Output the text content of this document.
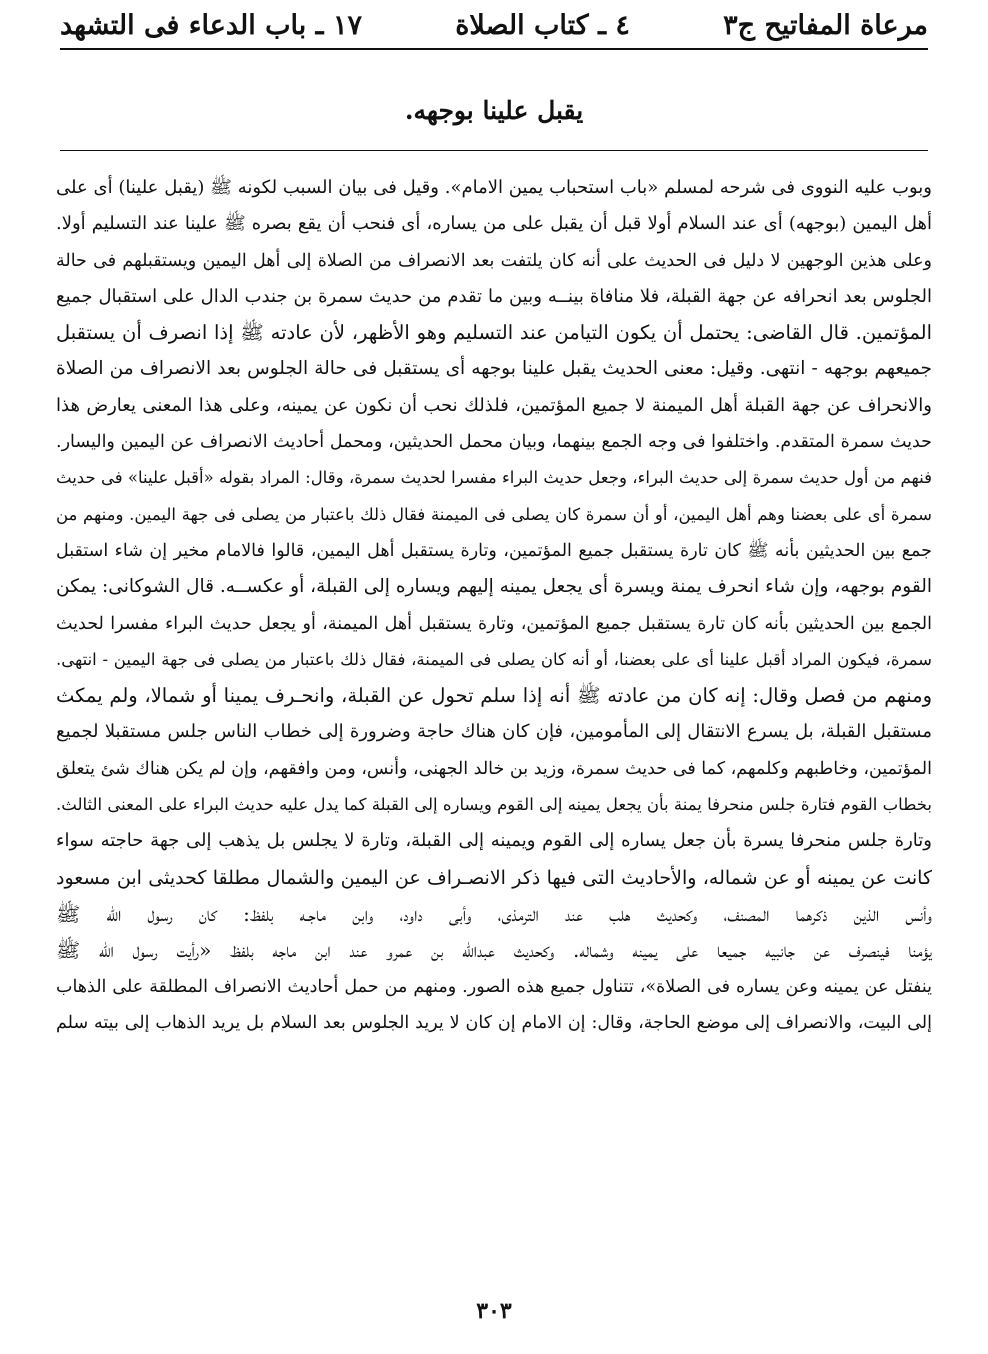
مرعاة المفاتيح ج٣
٤ ـ كتاب الصلاة
١٧ ـ باب الدعاء فى التشهد
يقبل علينا بوجهه.
وبوب عليه النووى فى شرحه لمسلم «باب استحباب يمين الامام». وقيل فى بيان السبب لكونه ﷺ (يقبل علينا) أى على
أهل اليمين (بوجهه) أى عند السلام أولا قبل أن يقبل على من يساره، أى فنحب أن يقع بصره ﷺ علينا عند التسليم أولا.
وعلى هذين الوجهين لا دليل فى الحديث على أنه كان يلتفت بعد الانصراف من الصلاة إلى أهل اليمين ويستقبلهم فى حالة
الجلوس بعد انحرافه عن جهة القبلة، فلا منافاة بينــه وبين ما تقدم من حديث سمرة بن جندب الدال على استقبال جميع
المؤتمين. قال القاضى: يحتمل أن يكون التيامن عند التسليم وهو الأظهر، لأن عادته ﷺ إذا انصرف أن يستقبل
جميعهم بوجهه - انتهى. وقيل: معنى الحديث يقبل علينا بوجهه أى يستقبل فى حالة الجلوس بعد الانصراف من الصلاة
والانحراف عن جهة القبلة أهل الميمنة لا جميع المؤتمين، فلذلك نحب أن نكون عن يمينه، وعلى هذا المعنى يعارض هذا
حديث سمرة المتقدم. واختلفوا فى وجه الجمع بينهما، وبيان محمل الحديثين، ومحمل أحاديث الانصراف عن اليمين واليسار.
فنهم من أول حديث سمرة إلى حديث البراء، وجعل حديث البراء مفسرا لحديث سمرة، وقال: المراد بقوله «أقبل علينا» فى حديث
سمرة أى على بعضنا وهم أهل اليمين، أو أن سمرة كان يصلى فى الميمنة فقال ذلك باعتبار من يصلى فى جهة اليمين. ومنهم من
جمع بين الحديثين بأنه ﷺ كان تارة يستقبل جميع المؤتمين، وتارة يستقبل أهل اليمين، قالوا فالامام مخير إن شاء استقبل
القوم بوجهه، وإن شاء انحرف يمنة ويسرة أى يجعل يمينه إليهم ويساره إلى القبلة، أو عكســه. قال الشوكانى: يمكن
الجمع بين الحديثين بأنه كان تارة يستقبل جميع المؤتمين، وتارة يستقبل أهل الميمنة، أو يجعل حديث البراء مفسرا لحديث
سمرة، فيكون المراد أقبل علينا أى على بعضنا، أو أنه كان يصلى فى الميمنة، فقال ذلك باعتبار من يصلى فى جهة اليمين - انتهى.
ومنهم من فصل وقال: إنه كان من عادته ﷺ أنه إذا سلم تحول عن القبلة، وانحـرف يمينا أو شمالا، ولم يمكث
مستقبل القبلة، بل يسرع الانتقال إلى المأمومين، فإن كان هناك حاجة وضرورة إلى خطاب الناس جلس مستقبلا لجميع
المؤتمين، وخاطبهم وكلمهم، كما فى حديث سمرة، وزيد بن خالد الجهنى، وأنس، ومن وافقهم، وإن لم يكن هناك شئ يتعلق
بخطاب القوم فتارة جلس منحرفا يمنة بأن يجعل يمينه إلى القوم ويساره إلى القبلة كما يدل عليه حديث البراء على المعنى الثالث.
وتارة جلس منحرفا يسرة بأن جعل يساره إلى القوم ويمينه إلى القبلة، وتارة لا يجلس بل يذهب إلى جهة حاجته سواء
كانت عن يمينه أو عن شماله، والأحاديث التى فيها ذكر الانصـراف عن اليمين والشمال مطلقا كحديثى ابن مسعود
وأنس الذين ذكرهما المصنف، وكحديث هلب عند الترمذى، وأبى داود، وابن ماجـه بلفظ: كان رسول الله ﷺ
يؤمنا فينصرف عن جانبيه جميعا على يمينه وشماله. وكحديث عبدالله بن عمرو عند ابن ماجه بلفظ «رأيت رسول الله ﷺ
ينفتل عن يمينه وعن يساره فى الصلاة»، تتناول جميع هذه الصور. ومنهم من حمل أحاديث الانصراف المطلقة على الذهاب
إلى البيت، والانصراف إلى موضع الحاجة، وقال: إن الامام إن كان لا يريد الجلوس بعد السلام بل يريد الذهاب إلى بيته سلم
٣٠٣
